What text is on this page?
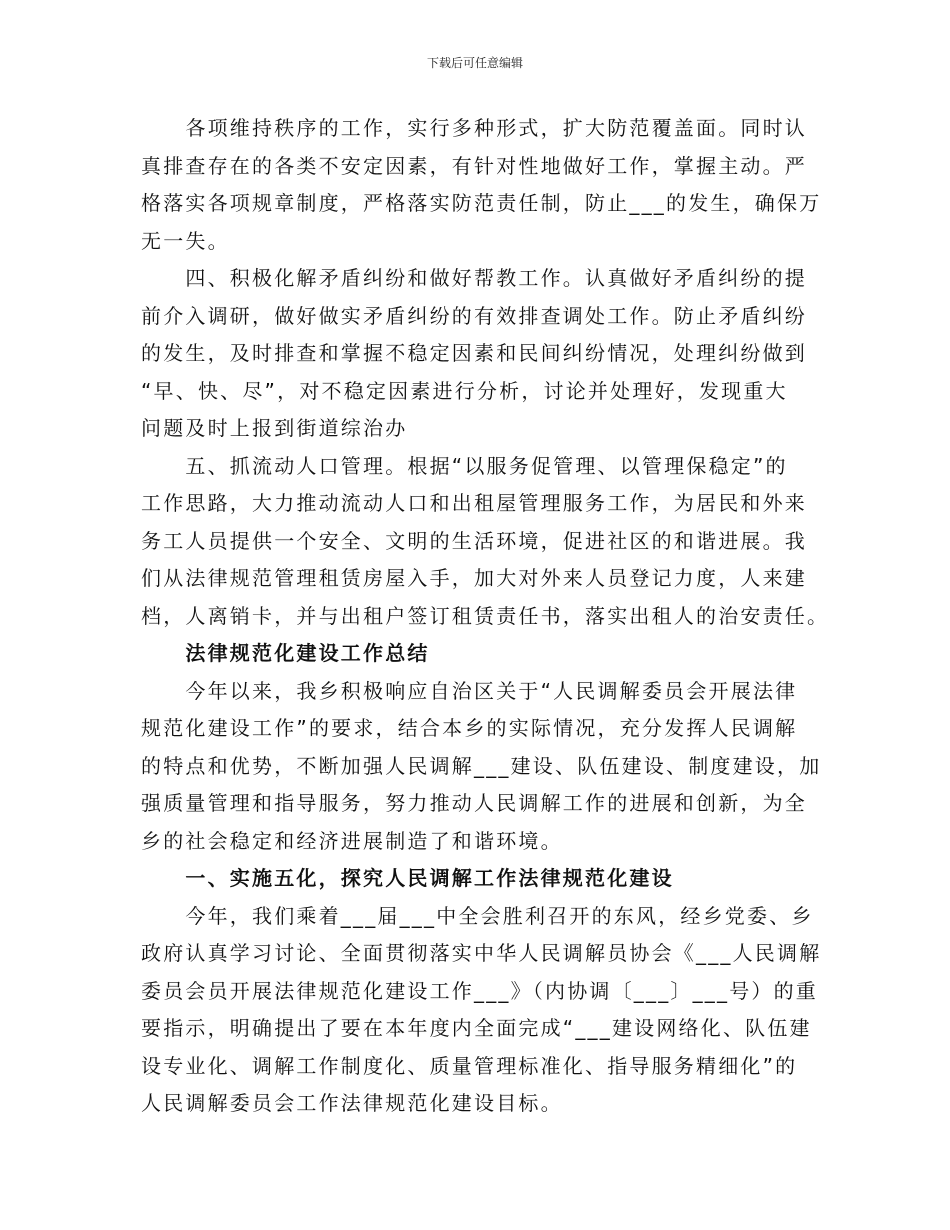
下载后可任意编辑
　　各项维持秩序的工作，实行多种形式，扩大防范覆盖面。同时认
真排查存在的各类不安定因素，有针对性地做好工作，掌握主动。严
格落实各项规章制度，严格落实防范责任制，防止___的发生，确保万
无一失。
　　四、积极化解矛盾纠纷和做好帮教工作。认真做好矛盾纠纷的提
前介入调研，做好做实矛盾纠纷的有效排查调处工作。防止矛盾纠纷
的发生，及时排查和掌握不稳定因素和民间纠纷情况，处理纠纷做到
“早、快、尽”，对不稳定因素进行分析，讨论并处理好，发现重大
问题及时上报到街道综治办
　　五、抓流动人口管理。根据“以服务促管理、以管理保稳定”的
工作思路，大力推动流动人口和出租屋管理服务工作，为居民和外来
务工人员提供一个安全、文明的生活环境，促进社区的和谐进展。我
们从法律规范管理租赁房屋入手，加大对外来人员登记力度，人来建
档，人离销卡，并与出租户签订租赁责任书，落实出租人的治安责任。
　　法律规范化建设工作总结
　　今年以来，我乡积极响应自治区关于“人民调解委员会开展法律
规范化建设工作”的要求，结合本乡的实际情况，充分发挥人民调解
的特点和优势，不断加强人民调解___建设、队伍建设、制度建设，加
强质量管理和指导服务，努力推动人民调解工作的进展和创新，为全
乡的社会稳定和经济进展制造了和谐环境。
　　一、实施五化，探究人民调解工作法律规范化建设
　　今年，我们乘着___届___中全会胜利召开的东风，经乡党委、乡
政府认真学习讨论、全面贯彻落实中华人民调解员协会《___人民调解
委员会员开展法律规范化建设工作___》（内协调〔___〕___号）的重
要指示，明确提出了要在本年度内全面完成“___建设网络化、队伍建
设专业化、调解工作制度化、质量管理标准化、指导服务精细化”的
人民调解委员会工作法律规范化建设目标。
